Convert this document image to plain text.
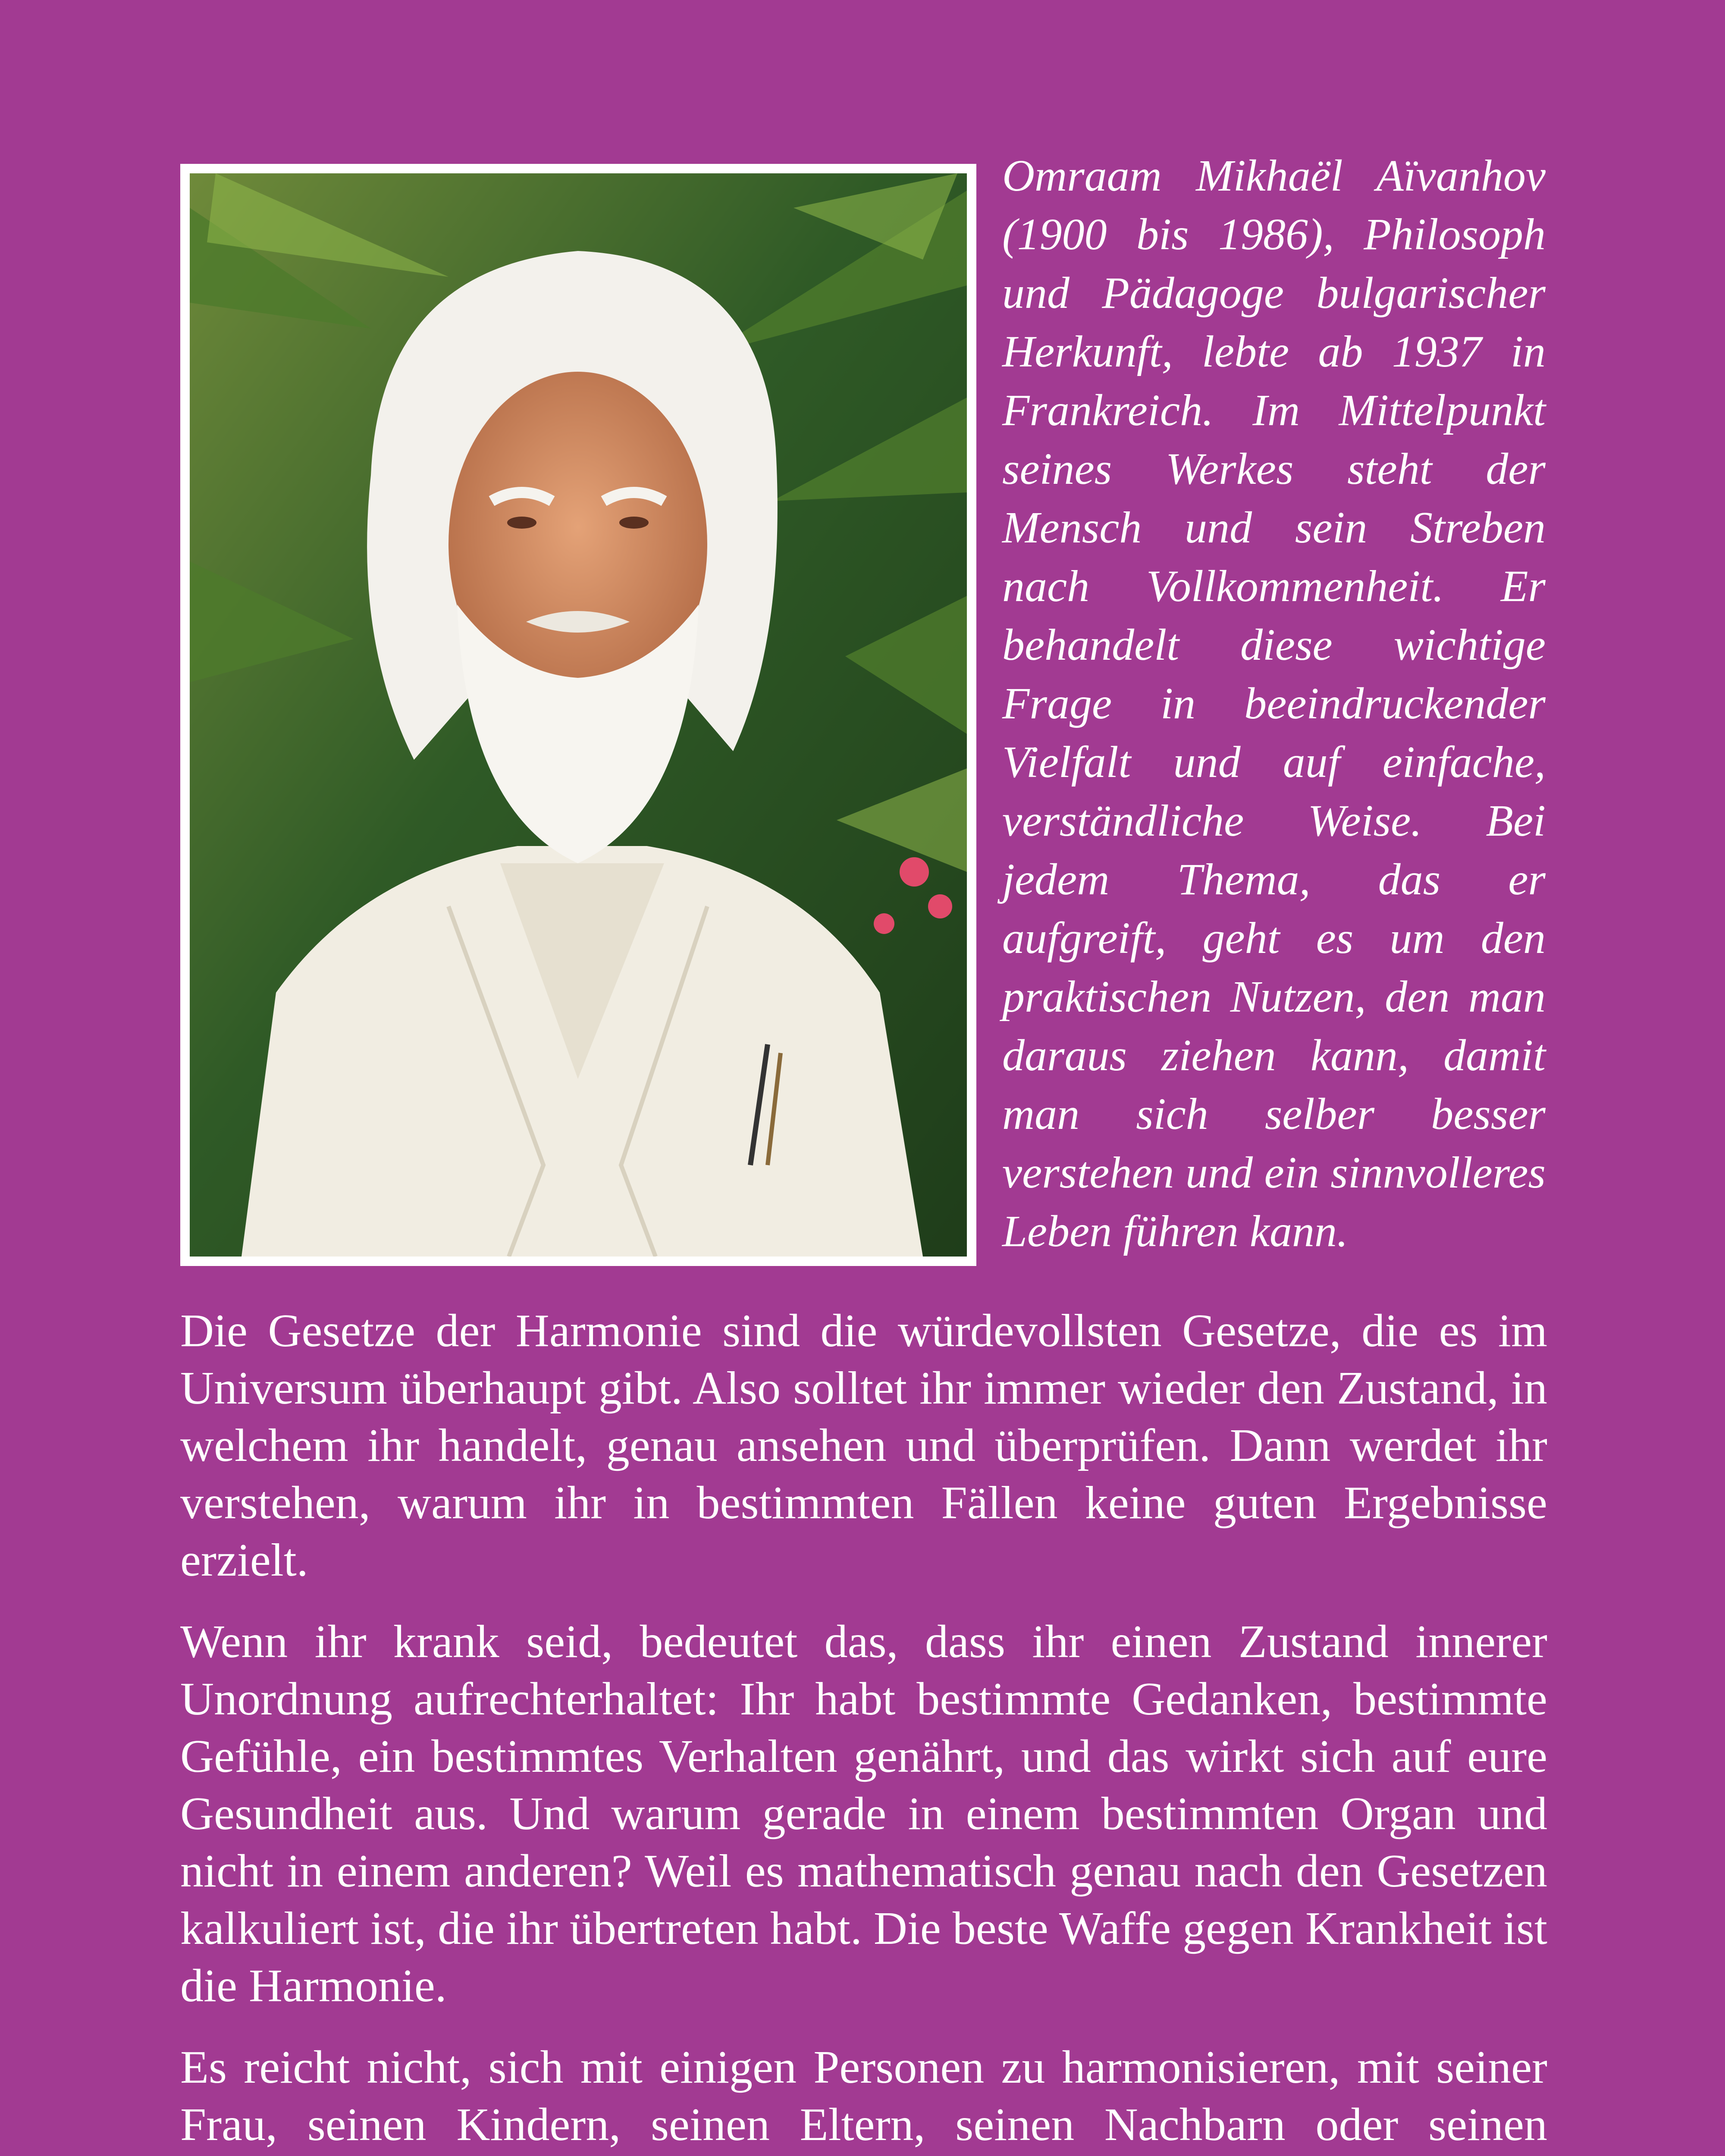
Omraam Mikhaël Aïvanhov (1900 bis 1986), Philosoph und Pädagoge bulgarischer Herkunft, lebte ab 1937 in Frankreich. Im Mittelpunkt seines Werkes steht der Mensch und sein Streben nach Vollkommenheit. Er behandelt diese wichtige Frage in beeindruckender Vielfalt und auf einfache, verständliche Weise. Bei jedem Thema, das er aufgreift, geht es um den praktischen Nutzen, den man daraus ziehen kann, damit man sich selber besser verstehen und ein sinnvolleres Leben führen kann.

Die Gesetze der Harmonie sind die würdevollsten Gesetze, die es im Universum überhaupt gibt. Also solltet ihr immer wieder den Zustand, in welchem ihr handelt, genau ansehen und überprüfen. Dann werdet ihr verstehen, warum ihr in bestimmten Fällen keine guten Ergebnisse erzielt.

Wenn ihr krank seid, bedeutet das, dass ihr einen Zustand innerer Unordnung aufrechterhaltet: Ihr habt bestimmte Gedanken, bestimmte Gefühle, ein bestimmtes Verhalten genährt, und das wirkt sich auf eure Gesundheit aus. Und warum gerade in einem bestimmten Organ und nicht in einem anderen? Weil es mathematisch genau nach den Gesetzen kalkuliert ist, die ihr übertreten habt. Die beste Waffe gegen Krankheit ist die Harmonie.

Es reicht nicht, sich mit einigen Personen zu harmonisieren, mit seiner Frau, seinen Kindern, seinen Eltern, seinen Nachbarn oder seinen
